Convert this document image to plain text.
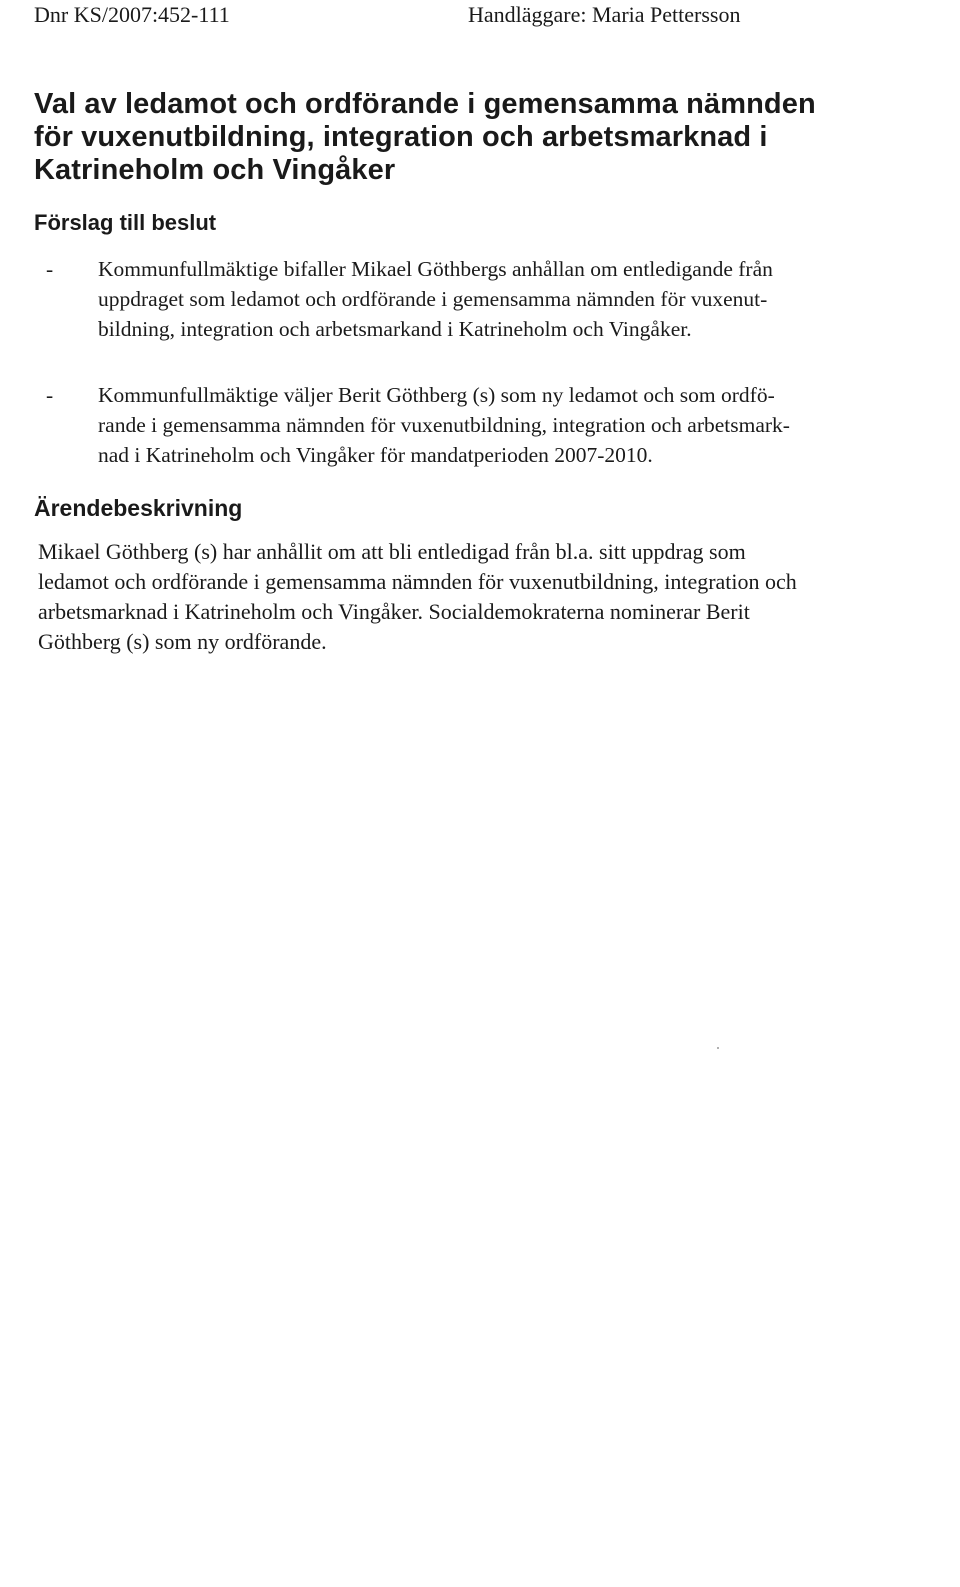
Dnr KS/2007:452-111	Handläggare: Maria Pettersson
Val av ledamot och ordförande i gemensamma nämnden
för vuxenutbildning, integration och arbetsmarknad i
Katrineholm och Vingåker
Förslag till beslut
- Kommunfullmäktige bifaller Mikael Göthbergs anhållan om entledigande från
uppdraget som ledamot och ordförande i gemensamma nämnden för vuxenut-
bildning, integration och arbetsmarkand i Katrineholm och Vingåker.
- Kommunfullmäktige väljer Berit Göthberg (s) som ny ledamot och som ordfö-
rande i gemensamma nämnden för vuxenutbildning, integration och arbetsmark-
nad i Katrineholm och Vingåker för mandatperioden 2007-2010.
Ärendebeskrivning

Mikael Göthberg (s) har anhållit om att bli entledigad från bl.a. sitt uppdrag som
ledamot och ordförande i gemensamma nämnden för vuxenutbildning, integration och
arbetsmarknad i Katrineholm och Vingåker. Socialdemokraterna nominerar Berit
Göthberg (s) som ny ordförande.
